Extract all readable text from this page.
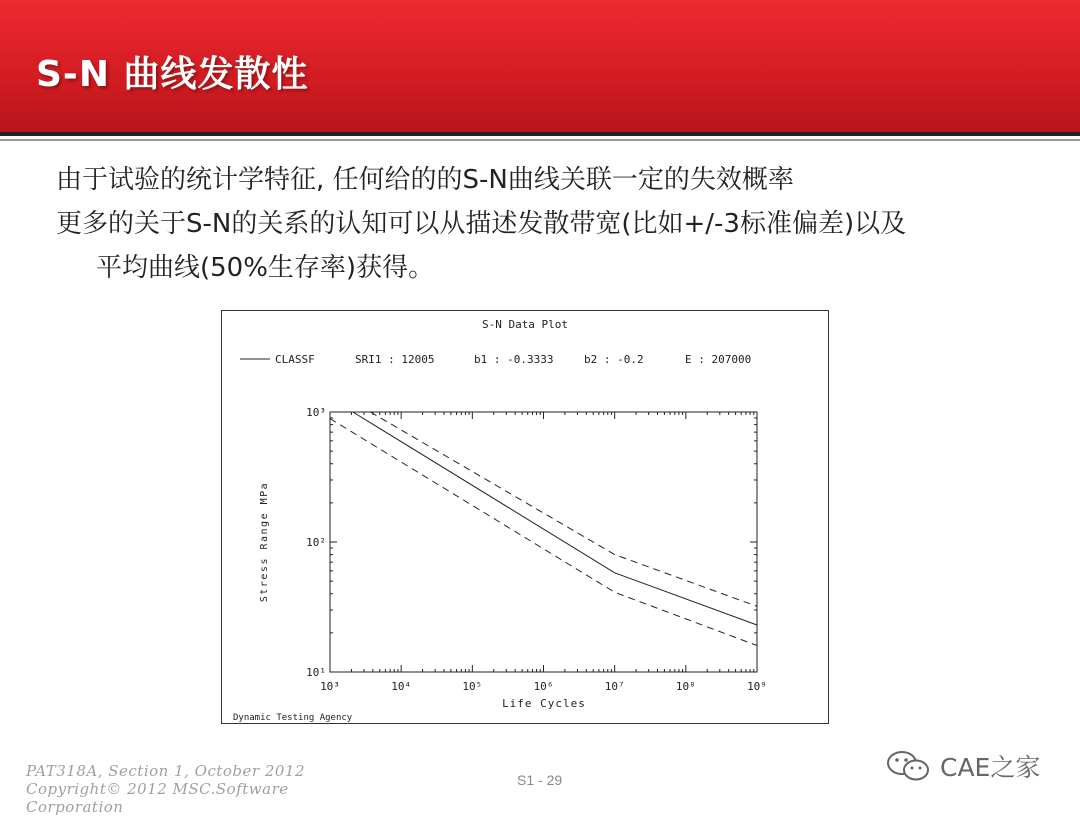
S-N 曲线发散性
由于试验的统计学特征, 任何给的的S-N曲线关联一定的失效概率
更多的关于S-N的关系的认知可以从描述发散带宽(比如+/-3标准偏差)以及
平均曲线(50%生存率)获得。
S-N Data Plot
CLASSF	SRI1 : 12005	b1 : -0.3333	b2 : -0.2	E : 207000
10³	10⁴	10⁵	10⁶	10⁷	10⁸	10⁹
10³
10²
10¹
Life Cycles
Stress Range MPa
Dynamic Testing Agency
PAT318A, Section 1, October 2012
Copyright© 2012 MSC.Software
Corporation
S1 - 29	CAE之家
